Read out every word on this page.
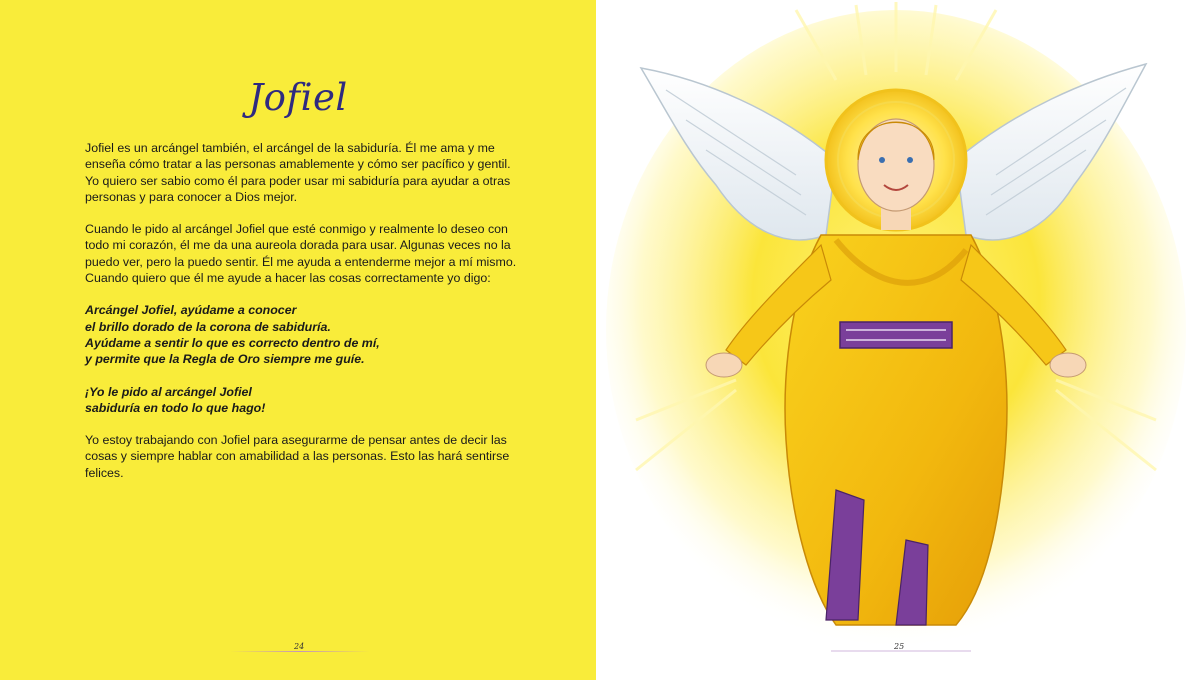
Jofiel

Jofiel es un arcángel también, el arcángel de la sabiduría. Él me ama y me enseña cómo tratar a las personas amablemente y cómo ser pacífico y gentil. Yo quiero ser sabio como él para poder usar mi sabiduría para ayudar a otras personas y para conocer a Dios mejor.

Cuando le pido al arcángel Jofiel que esté conmigo y realmente lo deseo con todo mi corazón, él me da una aureola dorada para usar. Algunas veces no la puedo ver, pero la puedo sentir. Él me ayuda a entenderme mejor a mí mismo. Cuando quiero que él me ayude a hacer las cosas correctamente yo digo:

Arcángel Jofiel, ayúdame a conocer
el brillo dorado de la corona de sabiduría.
Ayúdame a sentir lo que es correcto dentro de mí,
y permite que la Regla de Oro siempre me guíe.

¡Yo le pido al arcángel Jofiel
sabiduría en todo lo que hago!

Yo estoy trabajando con Jofiel para asegurarme de pensar antes de decir las cosas y siempre hablar con amabilidad a las personas. Esto las hará sentirse felices.

24	25
